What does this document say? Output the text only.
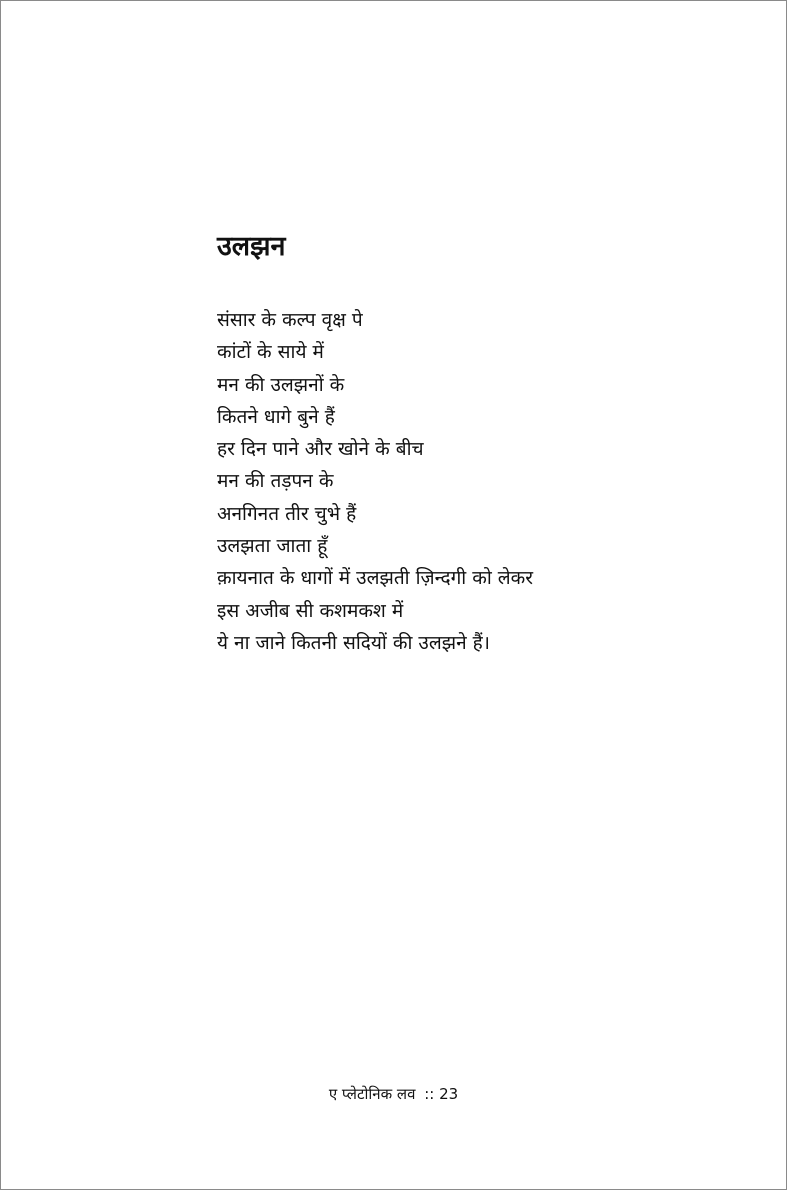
उलझन
संसार के कल्प वृक्ष पे
कांटों के साये में
मन की उलझनों के
कितने धागे बुने हैं
हर दिन पाने और खोने के बीच
मन की तड़पन के
अनगिनत तीर चुभे हैं
उलझता जाता हूँ
क़ायनात के धागों में उलझती ज़िन्दगी को लेकर
इस अजीब सी कशमकश में
ये ना जाने कितनी सदियों की उलझने हैं।
ए प्लेटोनिक लव :: 23
